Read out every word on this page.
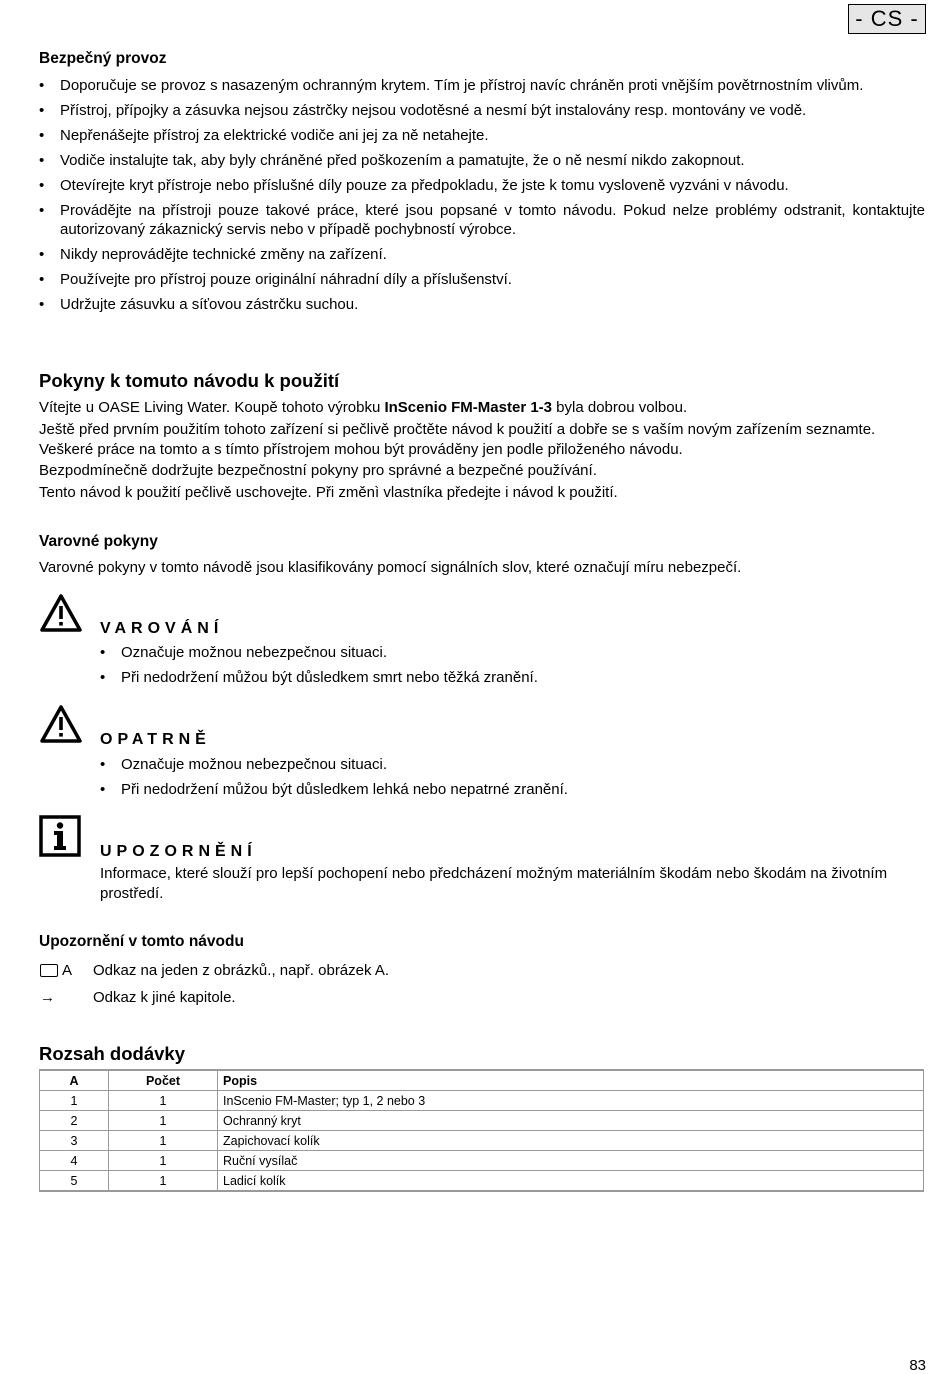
- CS -
Bezpečný provoz
• Doporučuje se provoz s nasazeným ochranným krytem. Tím je přístroj navíc chráněn proti vnějším povětrnostním vlivům.
• Přístroj, přípojky a zásuvka nejsou zástrčky nejsou vodotěsné a nesmí být instalovány resp. montovány ve vodě.
• Nepřenášejte přístroj za elektrické vodiče ani jej za ně netahejte.
• Vodiče instalujte tak, aby byly chráněné před poškozením a pamatujte, že o ně nesmí nikdo zakopnout.
• Otevírejte kryt přístroje nebo příslušné díly pouze za předpokladu, že jste k tomu vysloveně vyzváni v návodu.
• Provádějte na přístroji pouze takové práce, které jsou popsané v tomto návodu. Pokud nelze problémy odstranit, kontaktujte autorizovaný zákaznický servis nebo v případě pochybností výrobce.
• Nikdy neprovádějte technické změny na zařízení.
• Používejte pro přístroj pouze originální náhradní díly a příslušenství.
• Udržujte zásuvku a síťovou zástrčku suchou.
Pokyny k tomuto návodu k použití
Vítejte u OASE Living Water. Koupě tohoto výrobku InScenio FM-Master 1-3 byla dobrou volbou.
Ještě před prvním použitím tohoto zařízení si pečlivě pročtěte návod k použití a dobře se s vaším novým zařízením seznamte. Veškeré práce na tomto a s tímto přístrojem mohou být prováděny jen podle přiloženého návodu.
Bezpodmínečně dodržujte bezpečnostní pokyny pro správné a bezpečné používání.
Tento návod k použití pečlivě uschovejte. Při změnì vlastníka předejte i návod k použití.
Varovné pokyny
Varovné pokyny v tomto návodě jsou klasifikovány pomocí signálních slov, které označují míru nebezpečí.
VAROVÁNÍ
• Označuje možnou nebezpečnou situaci.
• Při nedodržení můžou být důsledkem smrt nebo těžká zranění.
OPATRNĚ
• Označuje možnou nebezpečnou situaci.
• Při nedodržení můžou být důsledkem lehká nebo nepatrné zranění.
UPOZORNĚNÍ
Informace, které slouží pro lepší pochopení nebo předcházení možným materiálním škodám nebo škodám na životním prostředí.
Upozornění v tomto návodu
A Odkaz na jeden z obrázků., např. obrázek A.
→	Odkaz k jiné kapitole.
Rozsah dodávky
A	Počet	Popis
1	1	InScenio FM-Master; typ 1, 2 nebo 3
2	1	Ochranný kryt
3	1	Zapichovací kolík
4	1	Ruční vysílač
5	1	Ladicí kolík
83
